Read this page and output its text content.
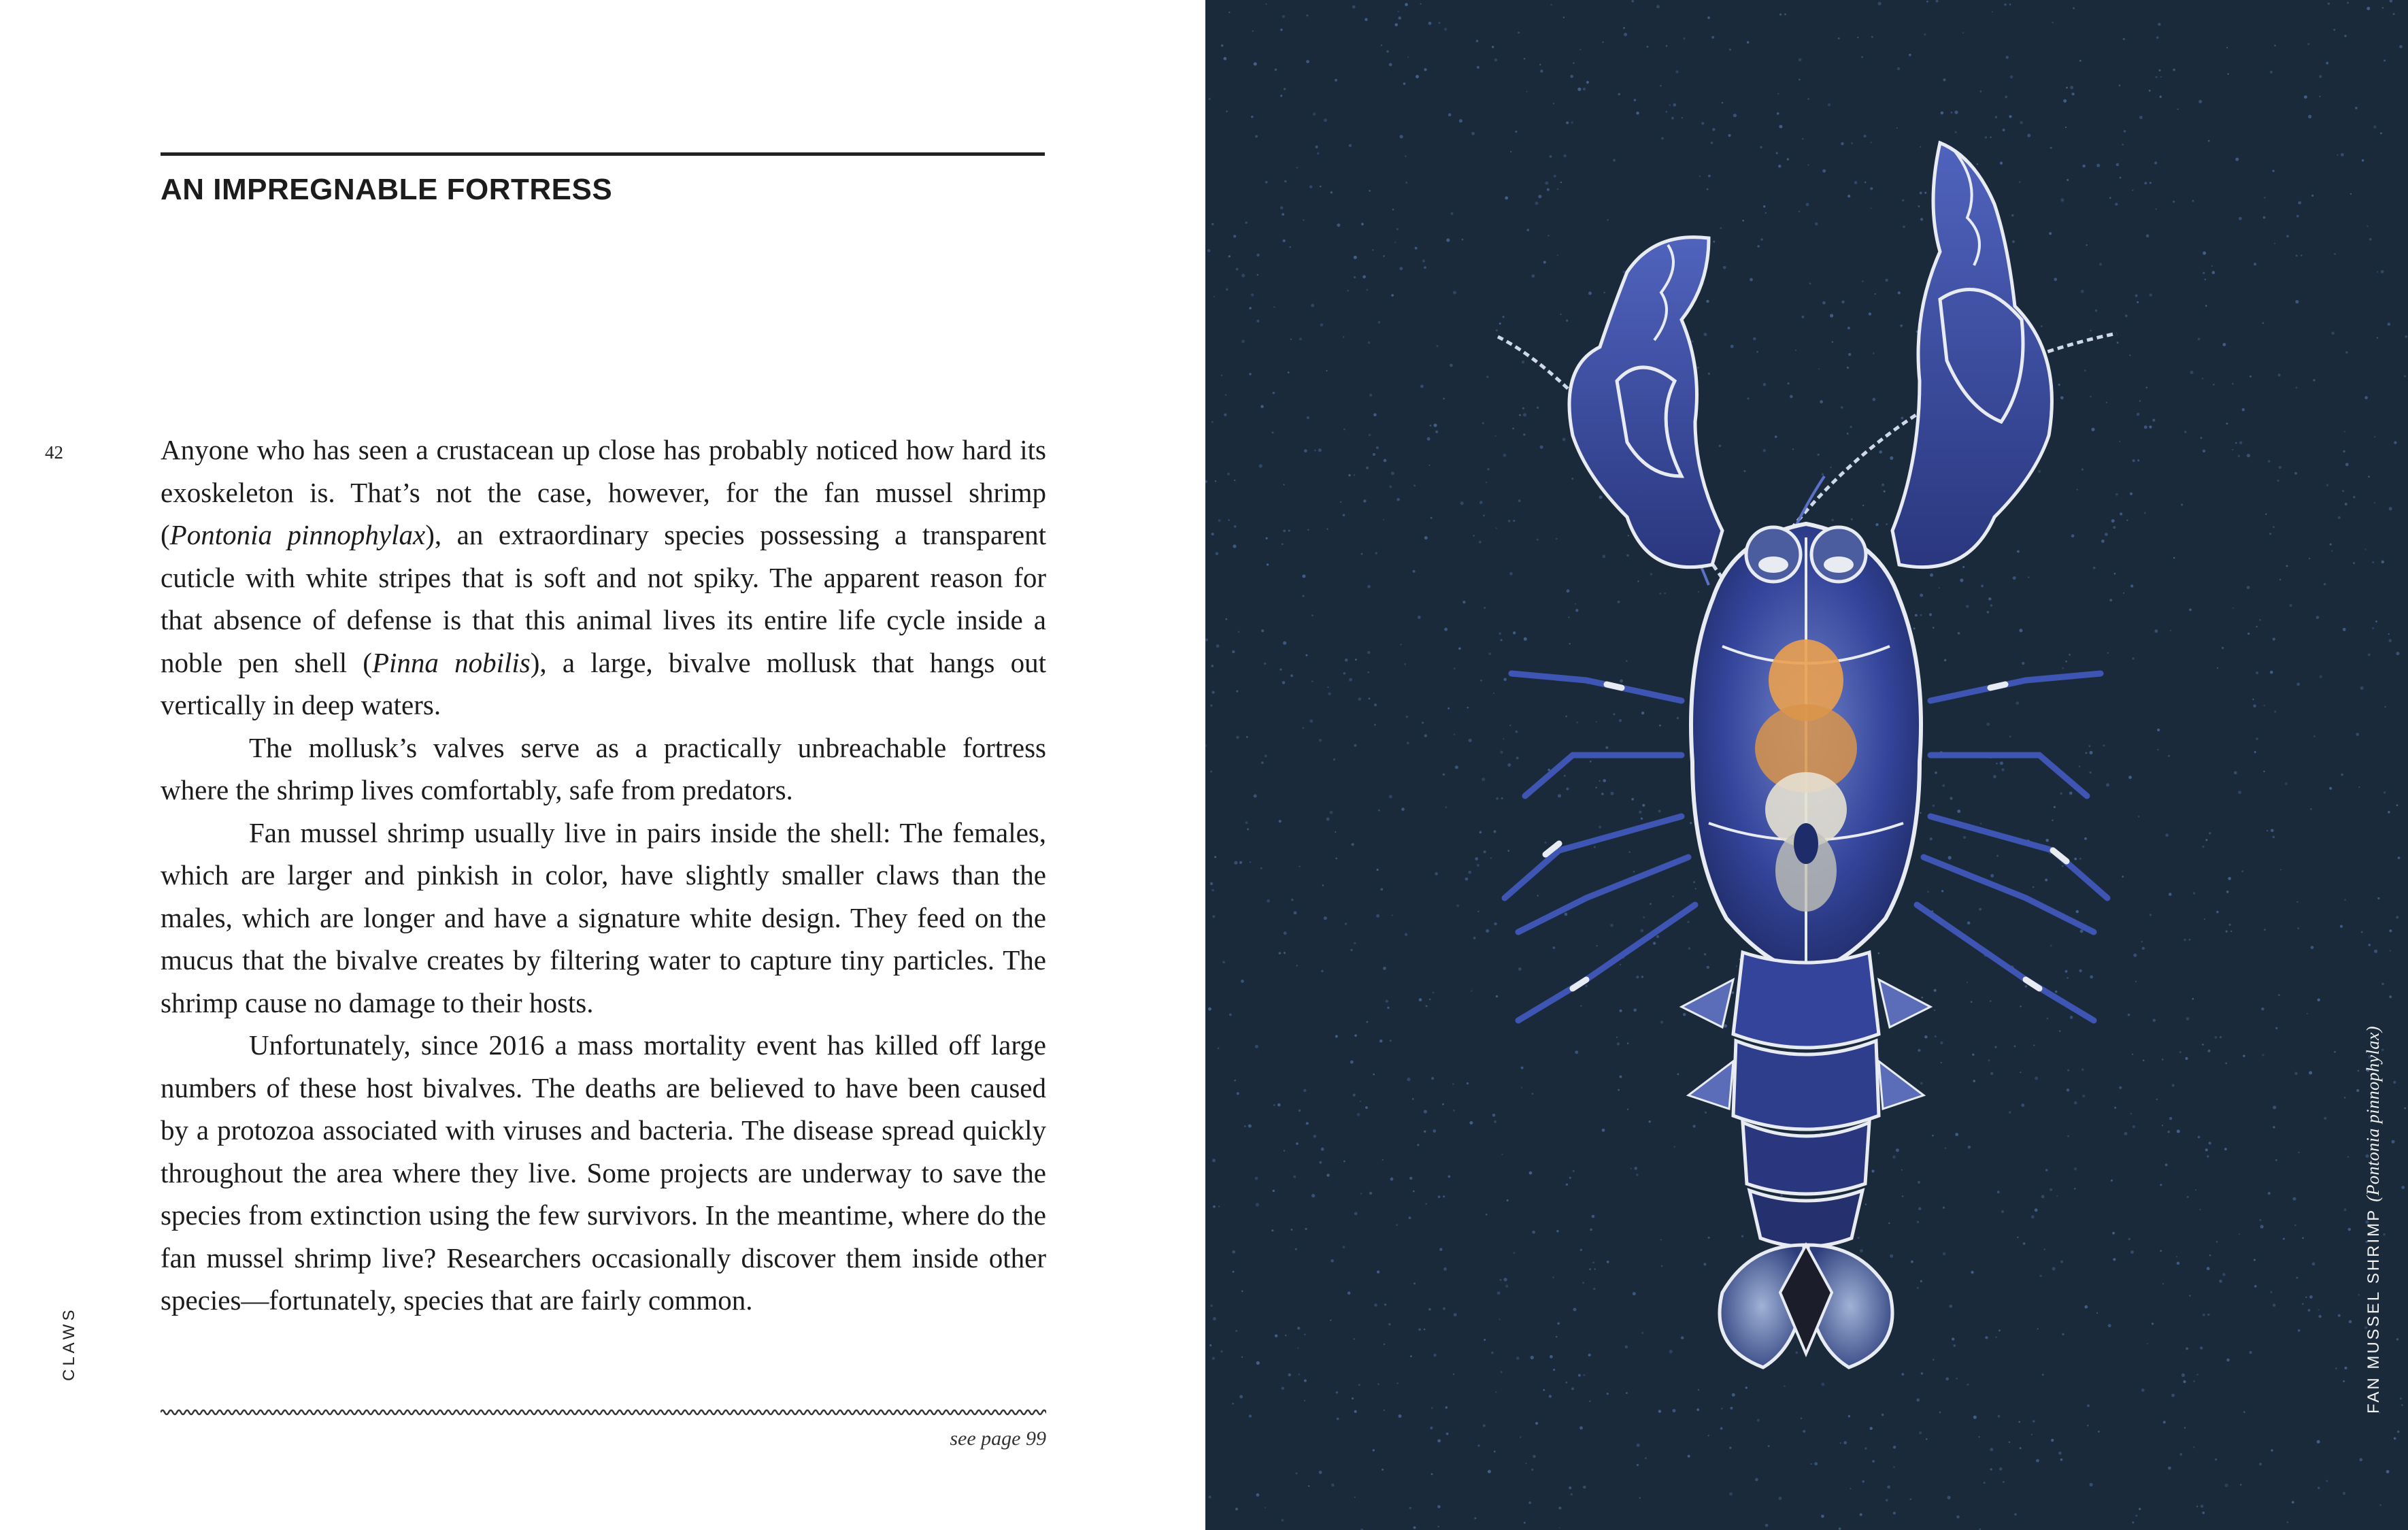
AN IMPREGNABLE FORTRESS
42
CLAWS

Anyone who has seen a crustacean up close has probably noticed how hard its exoskeleton is. That’s not the case, however, for the fan mussel shrimp (Pontonia pinnophylax), an extraordinary species possessing a transparent cuticle with white stripes that is soft and not spiky. The apparent reason for that absence of defense is that this animal lives its entire life cycle inside a noble pen shell (Pinna nobilis), a large, bivalve mollusk that hangs out vertically in deep waters.

The mollusk’s valves serve as a practically unbreachable fortress where the shrimp lives comfortably, safe from predators.

Fan mussel shrimp usually live in pairs inside the shell: The females, which are larger and pinkish in color, have slightly smaller claws than the males, which are longer and have a signature white design. They feed on the mucus that the bivalve creates by filtering water to capture tiny particles. The shrimp cause no damage to their hosts.

Unfortunately, since 2016 a mass mortality event has killed off large numbers of these host bivalves. The deaths are believed to have been caused by a protozoa associated with viruses and bacteria. The disease spread quickly throughout the area where they live. Some projects are underway to save the species from extinction using the few survivors. In the meantime, where do the fan mussel shrimp live? Researchers occasionally discover them inside other species—fortunately, species that are fairly common.

see page 99
FAN MUSSEL SHRIMP (Pontonia pinnophylax)
